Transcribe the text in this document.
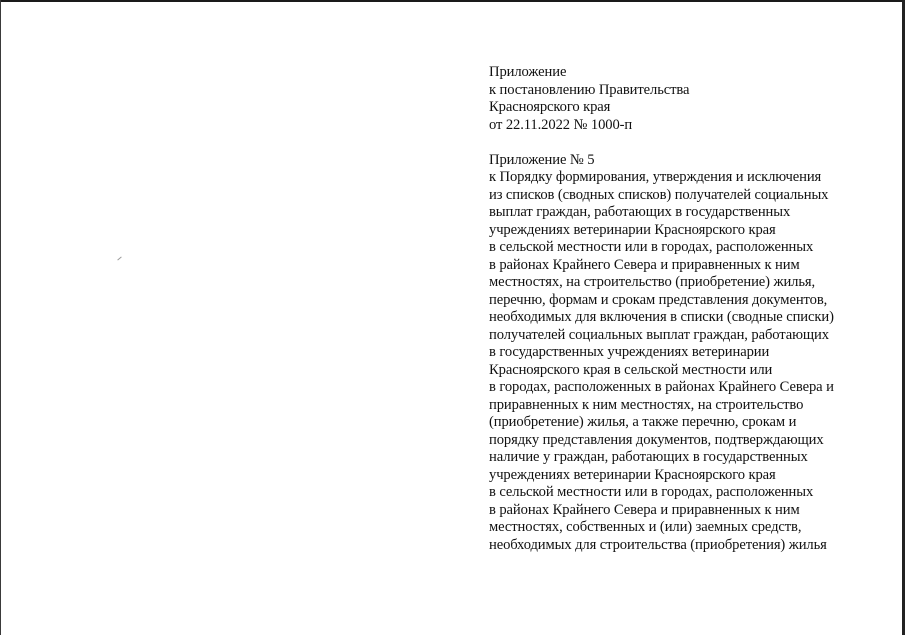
Приложение
к постановлению Правительства
Красноярского края
от 22.11.2022 № 1000-п
Приложение № 5
к Порядку формирования, утверждения и исключения
из списков (сводных списков) получателей социальных
выплат граждан, работающих в государственных
учреждениях ветеринарии Красноярского края
в сельской местности или в городах, расположенных
в районах Крайнего Севера и приравненных к ним
местностях, на строительство (приобретение) жилья,
перечню, формам и срокам представления документов,
необходимых для включения в списки (сводные списки)
получателей социальных выплат граждан, работающих
в государственных учреждениях ветеринарии
Красноярского края в сельской местности или
в городах, расположенных в районах Крайнего Севера и
приравненных к ним местностях, на строительство
(приобретение) жилья, а также перечню, срокам и
порядку представления документов, подтверждающих
наличие у граждан, работающих в государственных
учреждениях ветеринарии Красноярского края
в сельской местности или в городах, расположенных
в районах Крайнего Севера и приравненных к ним
местностях, собственных и (или) заемных средств,
необходимых для строительства (приобретения) жилья
